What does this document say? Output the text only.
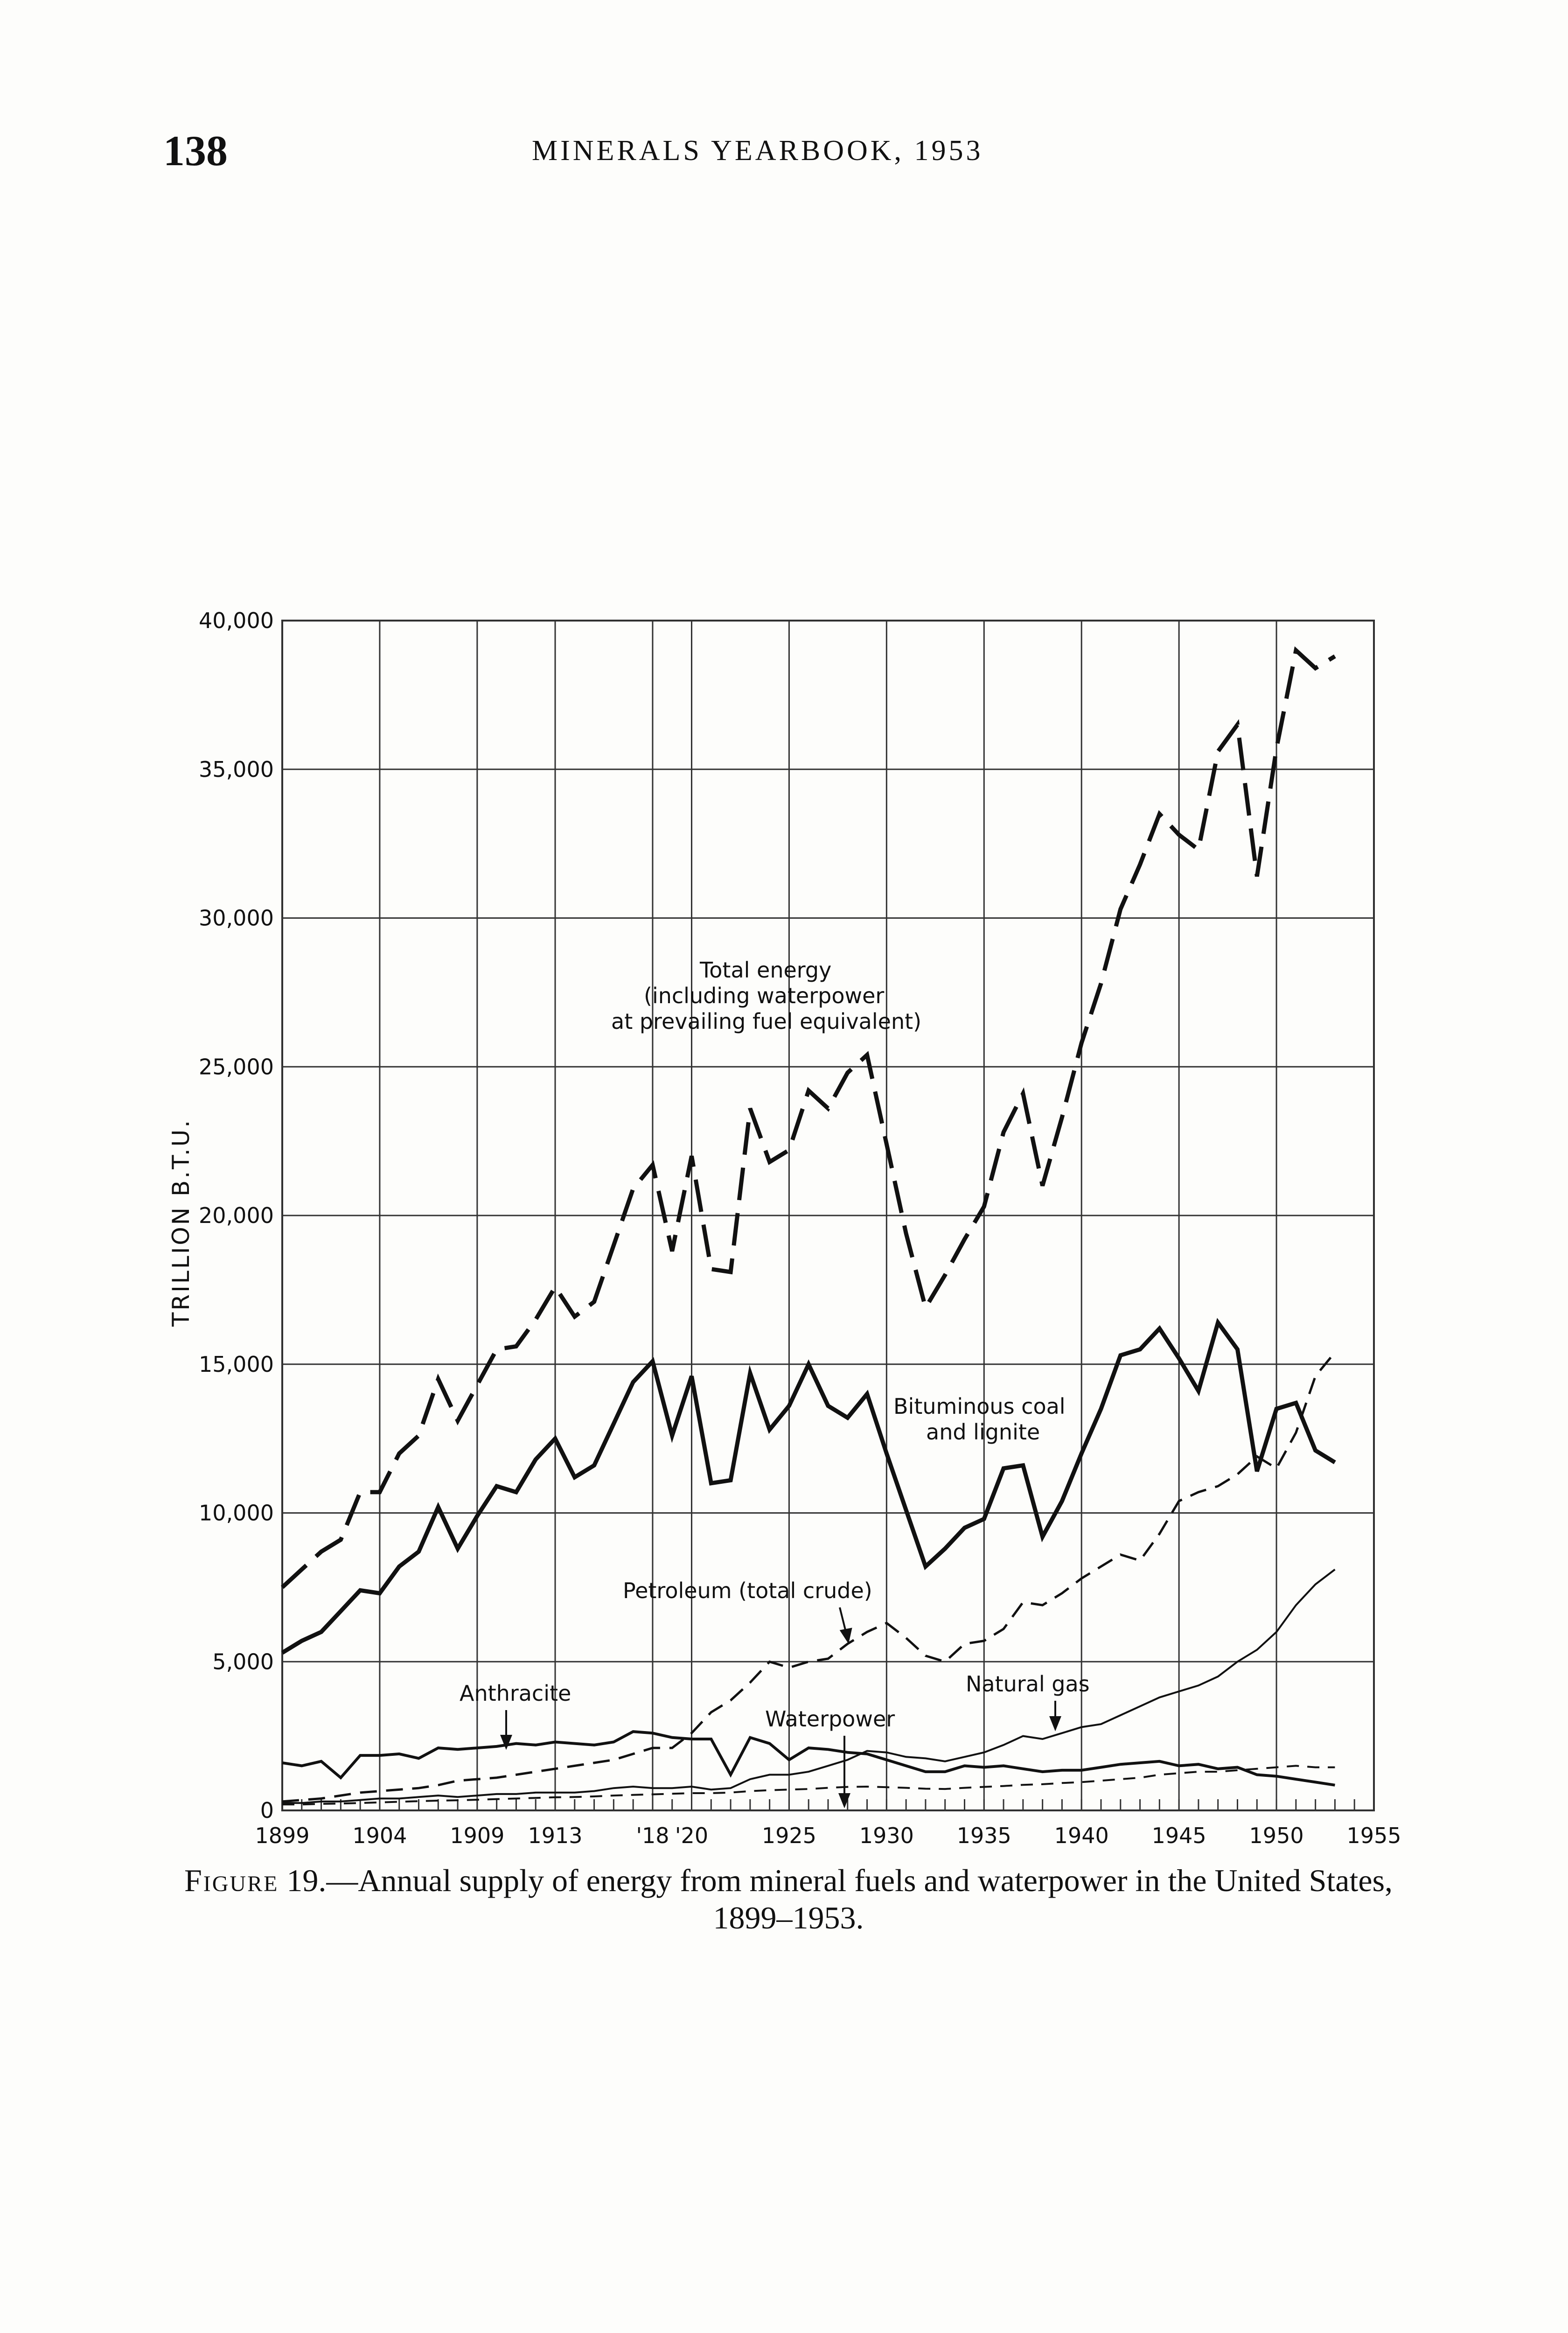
138	MINERALS YEARBOOK, 1953
0
5,000
10,000
15,000
20,000
25,000
30,000
35,000
40,000
1899 1904 1909 1913 '18 '20 1925 1930 1935 1940 1945 1950 1955
TRILLION B.T.U.
Total energy
(including waterpower
at prevailing fuel equivalent)
Bituminous coal
and lignite
Petroleum (total crude)
Anthracite
Waterpower
Natural gas
Figure 19.—Annual supply of energy from mineral fuels and waterpower in the United States, 1899–1953.
